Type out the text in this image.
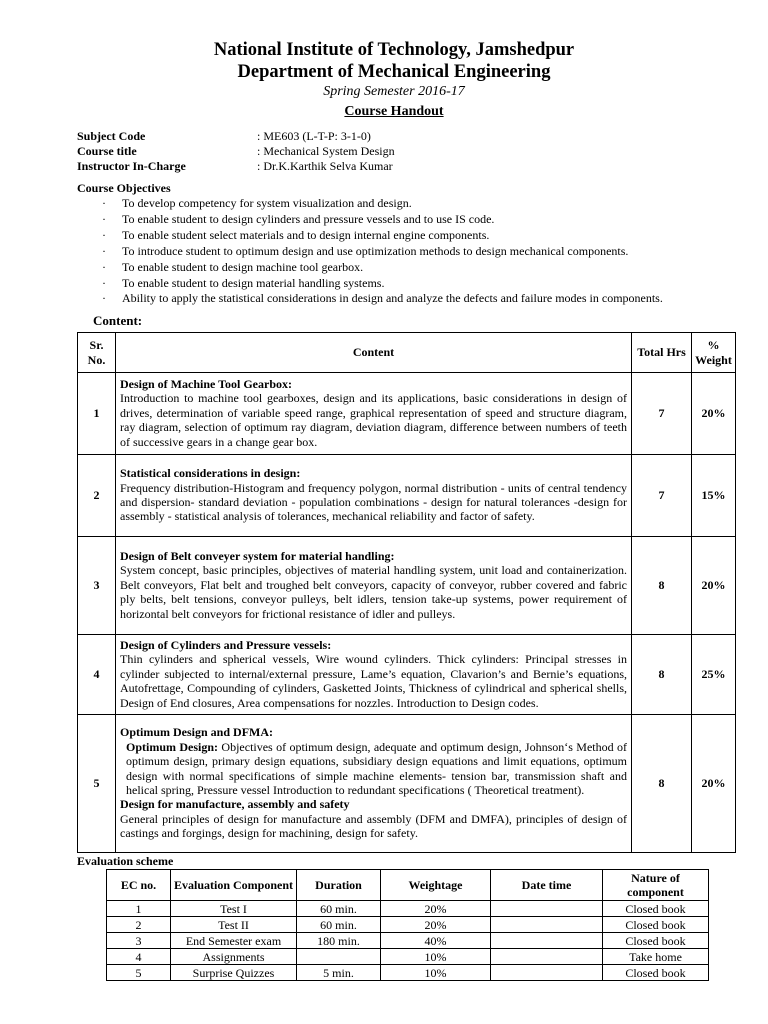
National Institute of Technology, Jamshedpur
Department of Mechanical Engineering
Spring Semester 2016-17
Course Handout
Subject Code	: ME603 (L-T-P: 3-1-0)
Course title	: Mechanical System Design
Instructor In-Charge	: Dr.K.Karthik Selva Kumar
Course Objectives
· To develop competency for system visualization and design.
· To enable student to design cylinders and pressure vessels and to use IS code.
· To enable student select materials and to design internal engine components.
· To introduce student to optimum design and use optimization methods to design mechanical components.
· To enable student to design machine tool gearbox.
· To enable student to design material handling systems.
· Ability to apply the statistical considerations in design and analyze the defects and failure modes in components.
Content:
Sr. No.	Content	Total Hrs	% Weight
1	Design of Machine Tool Gearbox:
Introduction to machine tool gearboxes, design and its applications, basic considerations in design of drives, determination of variable speed range, graphical representation of speed and structure diagram, ray diagram, selection of optimum ray diagram, deviation diagram, difference between numbers of teeth of successive gears in a change gear box.	7	20%
2	Statistical considerations in design:
Frequency distribution-Histogram and frequency polygon, normal distribution - units of central tendency and dispersion- standard deviation - population combinations - design for natural tolerances -design for assembly - statistical analysis of tolerances, mechanical reliability and factor of safety.	7	15%
3	Design of Belt conveyer system for material handling:
System concept, basic principles, objectives of material handling system, unit load and containerization. Belt conveyors, Flat belt and troughed belt conveyors, capacity of conveyor, rubber covered and fabric ply belts, belt tensions, conveyor pulleys, belt idlers, tension take-up systems, power requirement of horizontal belt conveyors for frictional resistance of idler and pulleys.	8	20%
4	Design of Cylinders and Pressure vessels:
Thin cylinders and spherical vessels, Wire wound cylinders. Thick cylinders: Principal stresses in cylinder subjected to internal/external pressure, Lame’s equation, Clavarion’s and Bernie’s equations, Autofrettage, Compounding of cylinders, Gasketted Joints, Thickness of cylindrical and spherical shells, Design of End closures, Area compensations for nozzles. Introduction to Design codes.	8	25%
5	Optimum Design and DFMA:
Optimum Design: Objectives of optimum design, adequate and optimum design, Johnson‘s Method of optimum design, primary design equations, subsidiary design equations and limit equations, optimum design with normal specifications of simple machine elements- tension bar, transmission shaft and helical spring, Pressure vessel Introduction to redundant specifications ( Theoretical treatment).
Design for manufacture, assembly and safety
General principles of design for manufacture and assembly (DFM and DMFA), principles of design of castings and forgings, design for machining, design for safety.	8	20%
Evaluation scheme
EC no.	Evaluation Component	Duration	Weightage	Date time	Nature of component
1	Test I	60 min.	20%		Closed book
2	Test II	60 min.	20%		Closed book
3	End Semester exam	180 min.	40%		Closed book
4	Assignments		10%		Take home
5	Surprise Quizzes	5 min.	10%		Closed book
